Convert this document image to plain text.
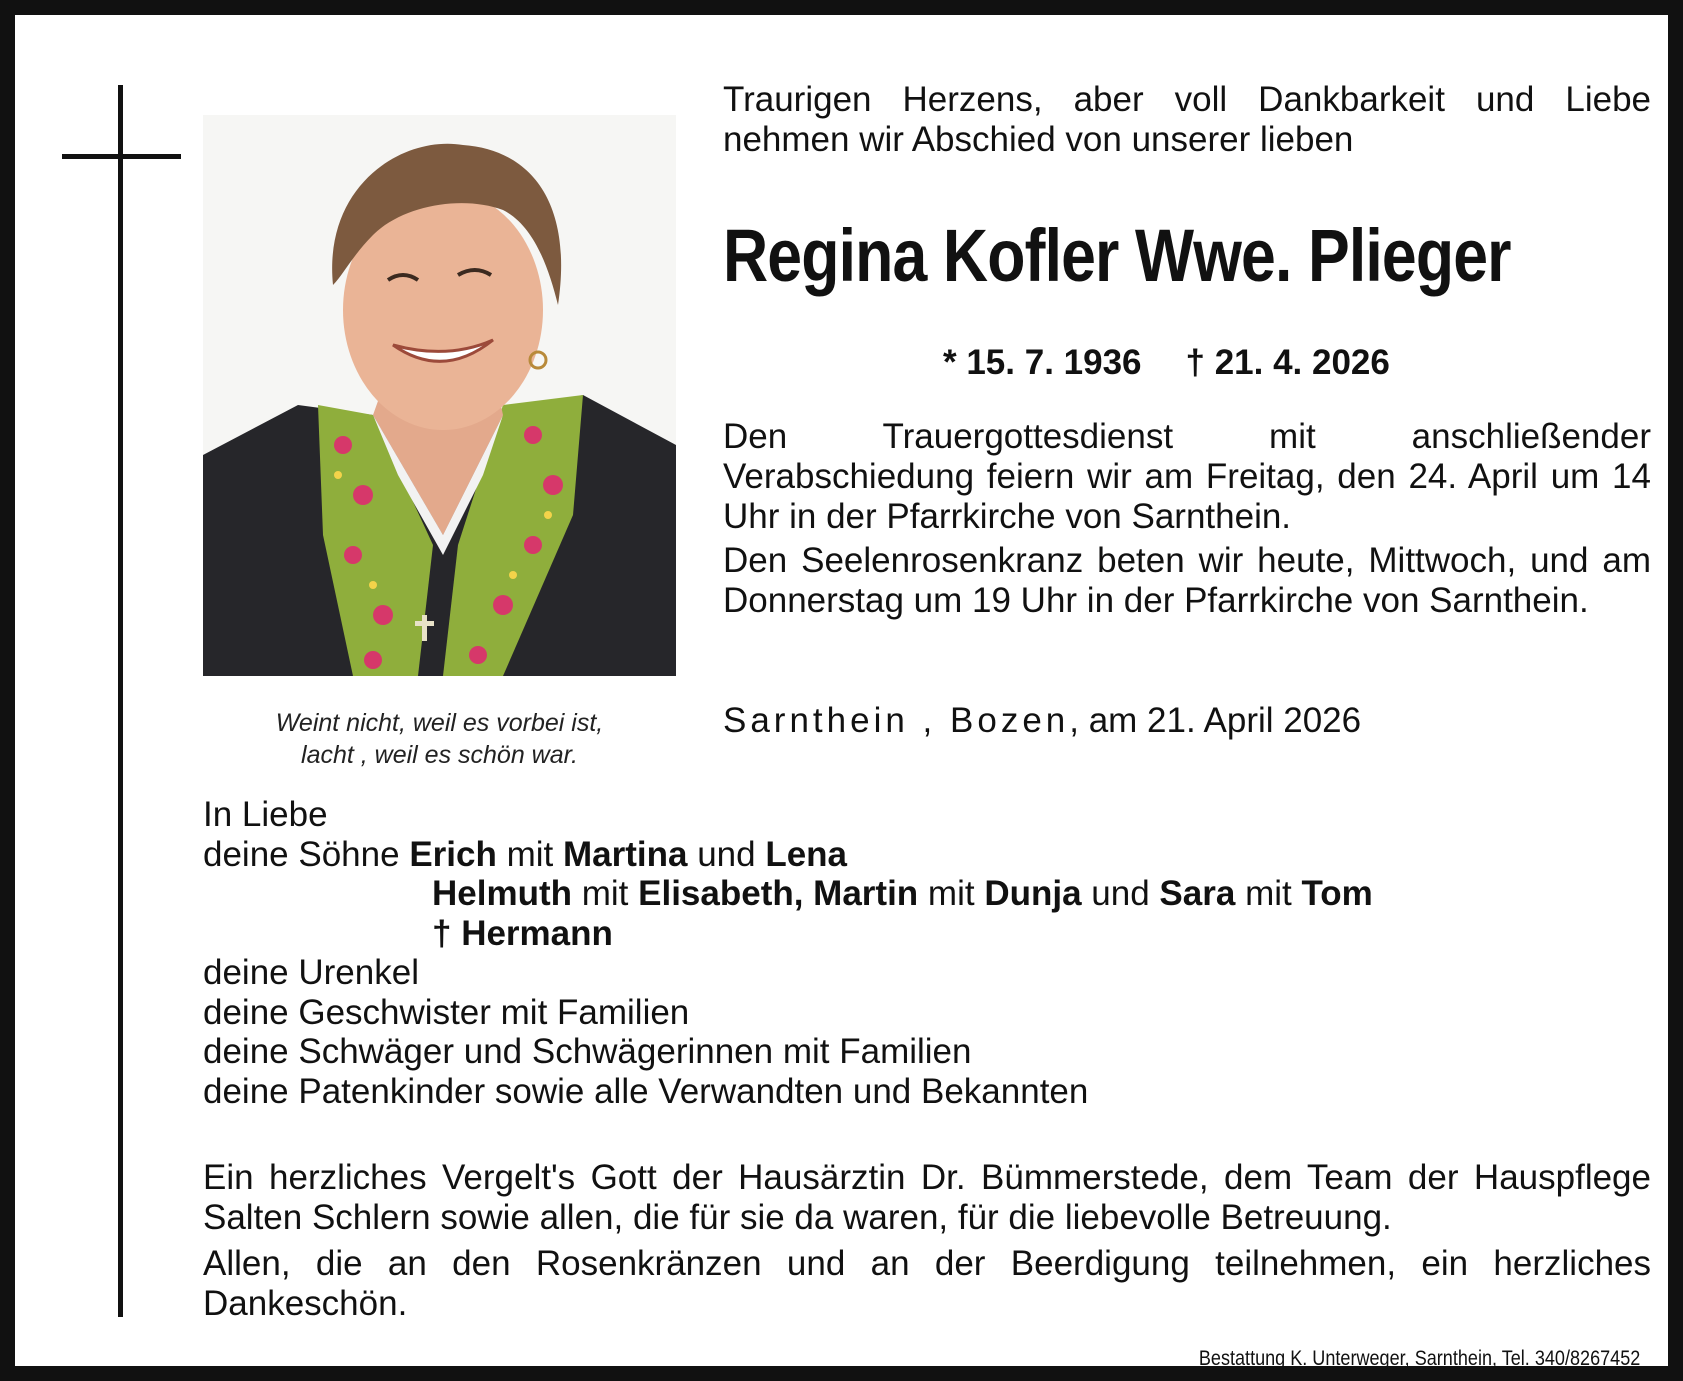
Weint nicht, weil es vorbei ist,
lacht , weil es schön war.
Traurigen Herzens, aber voll Dankbarkeit und Liebe nehmen wir Abschied von unserer lieben
Regina Kofler Wwe. Plieger
* 15. 7. 1936 † 21. 4. 2026

Den Trauergottesdienst mit anschließender Verabschiedung feiern wir am Freitag, den 24. April um 14 Uhr in der Pfarrkirche von Sarnthein.

Den Seelenrosenkranz beten wir heute, Mittwoch, und am Donnerstag um 19 Uhr in der Pfarrkirche von Sarnthein.

Sarnthein , Bozen, am 21. April 2026
In Liebe
deine Söhne Erich mit Martina und Lena
Helmuth mit Elisabeth, Martin mit Dunja und Sara mit Tom
† Hermann
deine Urenkel
deine Geschwister mit Familien
deine Schwäger und Schwägerinnen mit Familien
deine Patenkinder sowie alle Verwandten und Bekannten

Ein herzliches Vergelt's Gott der Hausärztin Dr. Bümmerstede, dem Team der Hauspflege Salten Schlern sowie allen, die für sie da waren, für die liebevolle Betreuung.

Allen, die an den Rosenkränzen und an der Beerdigung teilnehmen, ein herzliches Dankeschön.

Bestattung K. Unterweger, Sarnthein, Tel. 340/8267452
